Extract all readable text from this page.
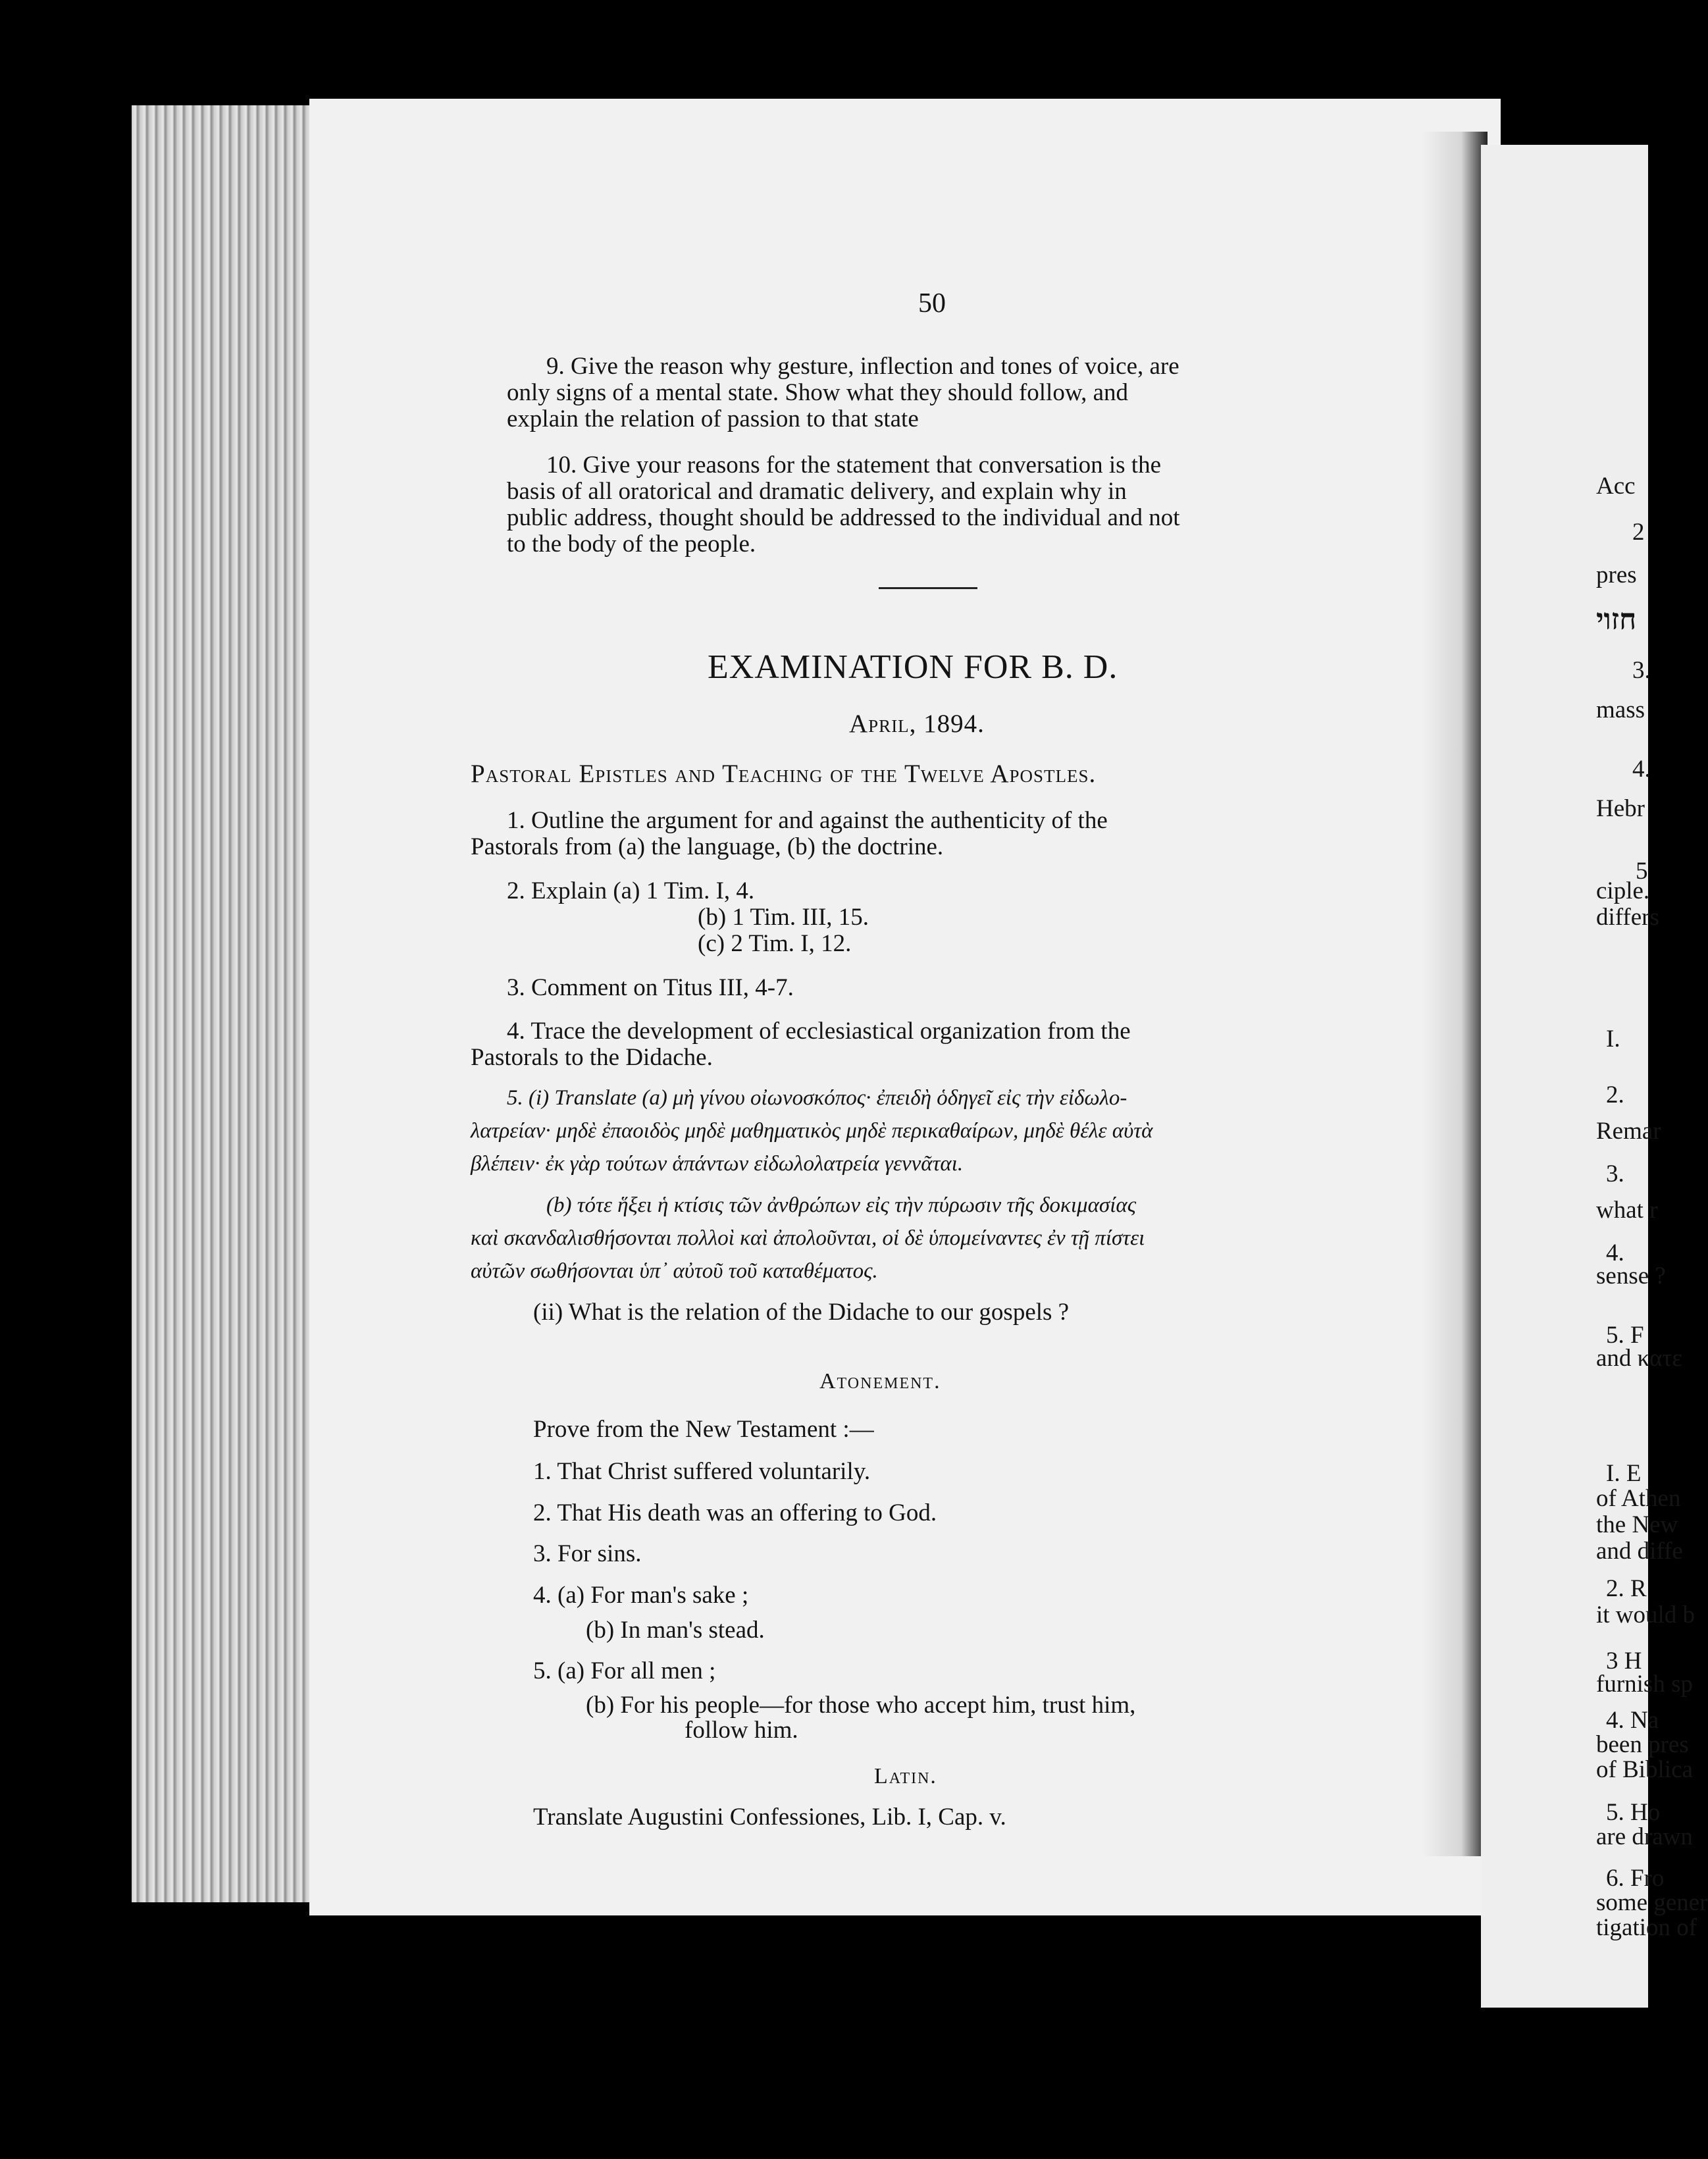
Acc
2
pres
חזוי
3.
mass
4.
Hebr
5
ciple.
differs
I.
2.
Remar
3.
what r
4.
sense ?
5. F
and κατε
I. E
of Athen
the New
and diffe
2. R
it would b
3 H
furnish sp
4. Na
been pres
of Biblica
5. Ho
are drawn
6. Fro
some gener
tigation of
50
9. Give the reason why gesture, inflection and tones of voice, are
only signs of a mental state. Show what they should follow, and
explain the relation of passion to that state
10. Give your reasons for the statement that conversation is the
basis of all oratorical and dramatic delivery, and explain why in
public address, thought should be addressed to the individual and not
to the body of the people.
EXAMINATION FOR B. D.
April, 1894.
Pastoral Epistles and Teaching of the Twelve Apostles.
1. Outline the argument for and against the authenticity of the
Pastorals from (a) the language, (b) the doctrine.
2. Explain (a) 1 Tim. I, 4.
(b) 1 Tim. III, 15.
(c) 2 Tim. I, 12.
3. Comment on Titus III, 4-7.
4. Trace the development of ecclesiastical organization from the
Pastorals to the Didache.
5. (i) Translate (a) μὴ γίνου οἰωνοσκόπος· ἐπειδὴ ὁδηγεῖ εἰς τὴν εἰδωλο-
λατρείαν· μηδὲ ἐπαοιδὸς μηδὲ μαθηματικὸς μηδὲ περικαθαίρων, μηδὲ θέλε αὐτὰ
βλέπειν· ἐκ γὰρ τούτων ἁπάντων εἰδωλολατρεία γεννᾶται.
(b) τότε ἥξει ἡ κτίσις τῶν ἀνθρώπων εἰς τὴν πύρωσιν τῆς δοκιμασίας
καὶ σκανδαλισθήσονται πολλοὶ καὶ ἀπολοῦνται, οἱ δὲ ὑπομείναντες ἐν τῇ πίστει
αὐτῶν σωθήσονται ὑπ᾽ αὐτοῦ τοῦ καταθέματος.
(ii) What is the relation of the Didache to our gospels ?
Atonement.
Prove from the New Testament :—
1. That Christ suffered voluntarily.
2. That His death was an offering to God.
3. For sins.
4. (a) For man's sake ;
(b) In man's stead.
5. (a) For all men ;
(b) For his people—for those who accept him, trust him,
follow him.
Latin.
Translate Augustini Confessiones, Lib. I, Cap. v.
